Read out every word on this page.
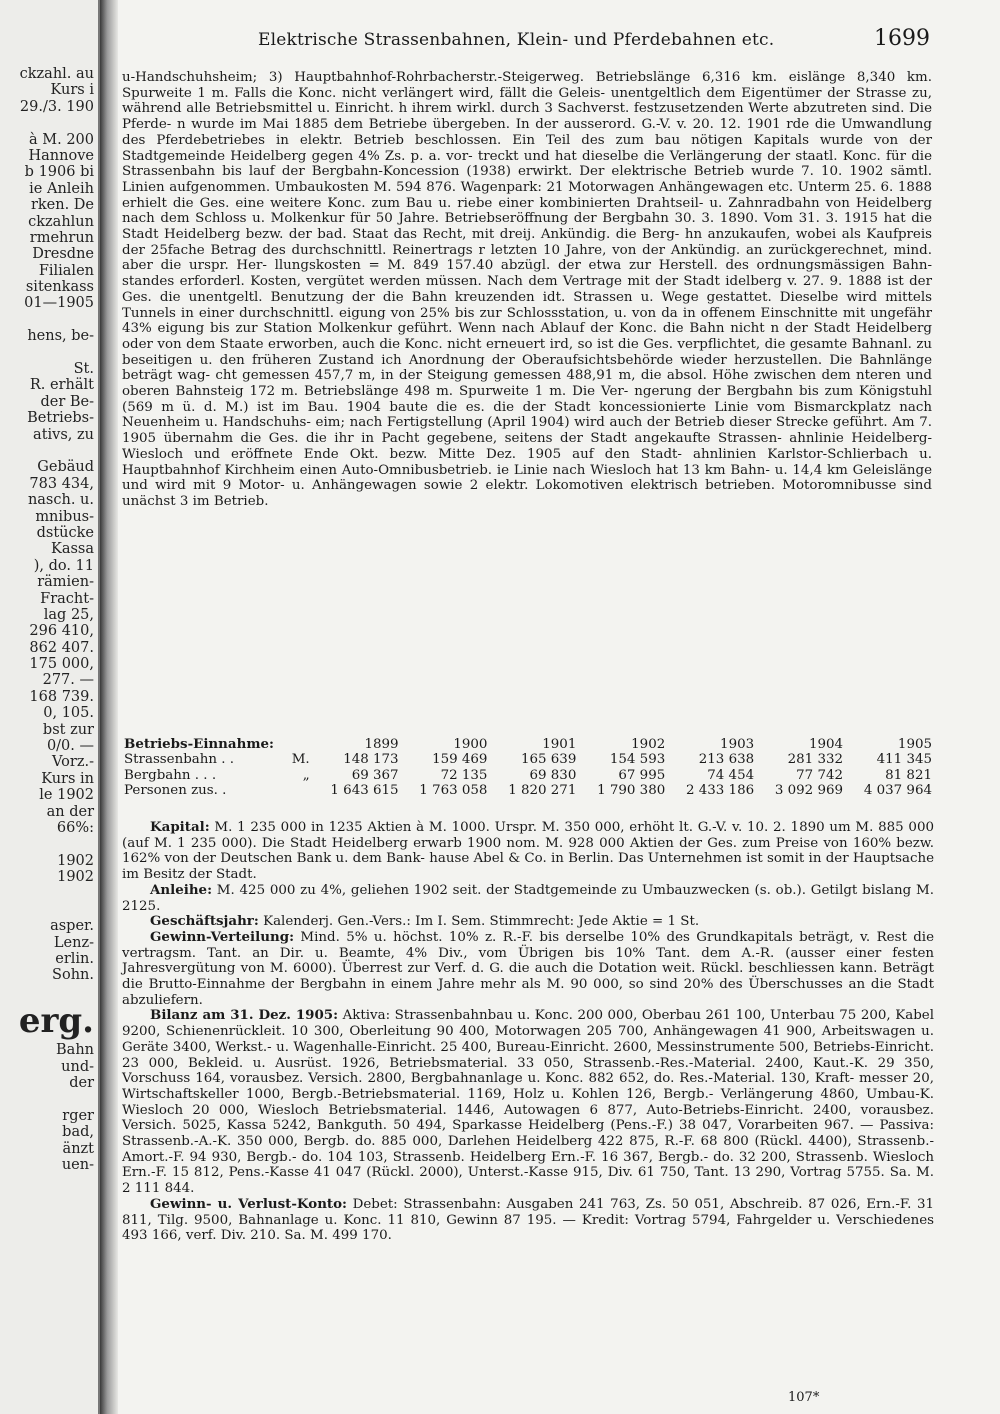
ckzahl. au
Kurs i
29./3. 190
à M. 200
Hannove
b 1906 bi
ie Anleih
rken. De
ckzahlun
rmehrun
Dresdne
Filialen
sitenkass
01—1905
hens, be-
St.
R. erhält
der Be-
Betriebs-
ativs, zu
Gebäud
783 434,
nasch. u.
mnibus-
dstücke
Kassa
), do. 11
rämien-
Fracht-
lag 25,
296 410,
862 407.
175 000,
277. —
168 739.
0, 105.
bst zur
0/0. —
Vorz.-
Kurs in
le 1902
an der
66%:
1902
1902
asper.
Lenz-
erlin.
Sohn.
erg.
Bahn
und-
der
rger
bad,
änzt
uen-
Elektrische Strassenbahnen, Klein- und Pferdebahnen etc.	1699

u-Handschuhsheim; 3) Hauptbahnhof-Rohrbacherstr.-Steigerweg. Betriebslänge 6,316 km. eislänge 8,340 km. Spurweite 1 m. Falls die Konc. nicht verlängert wird, fällt die Geleis- unentgeltlich dem Eigentümer der Strasse zu, während alle Betriebsmittel u. Einricht. h ihrem wirkl. durch 3 Sachverst. festzusetzenden Werte abzutreten sind. Die Pferde- n wurde im Mai 1885 dem Betriebe übergeben. In der ausserord. G.-V. v. 20. 12. 1901 rde die Umwandlung des Pferdebetriebes in elektr. Betrieb beschlossen. Ein Teil des zum bau nötigen Kapitals wurde von der Stadtgemeinde Heidelberg gegen 4% Zs. p. a. vor- treckt und hat dieselbe die Verlängerung der staatl. Konc. für die Strassenbahn bis lauf der Bergbahn-Koncession (1938) erwirkt. Der elektrische Betrieb wurde 7. 10. 1902 sämtl. Linien aufgenommen. Umbaukosten M. 594 876. Wagenpark: 21 Motorwagen Anhängewagen etc. Unterm 25. 6. 1888 erhielt die Ges. eine weitere Konc. zum Bau u. riebe einer kombinierten Drahtseil- u. Zahnradbahn von Heidelberg nach dem Schloss u. Molkenkur für 50 Jahre. Betriebseröffnung der Bergbahn 30. 3. 1890. Vom 31. 3. 1915 hat die Stadt Heidelberg bezw. der bad. Staat das Recht, mit dreij. Ankündig. die Berg- hn anzukaufen, wobei als Kaufpreis der 25fache Betrag des durchschnittl. Reinertrags r letzten 10 Jahre, von der Ankündig. an zurückgerechnet, mind. aber die urspr. Her- llungskosten = M. 849 157.40 abzügl. der etwa zur Herstell. des ordnungsmässigen Bahn- standes erforderl. Kosten, vergütet werden müssen. Nach dem Vertrage mit der Stadt idelberg v. 27. 9. 1888 ist der Ges. die unentgeltl. Benutzung der die Bahn kreuzenden idt. Strassen u. Wege gestattet. Dieselbe wird mittels Tunnels in einer durchschnittl. eigung von 25% bis zur Schlossstation, u. von da in offenem Einschnitte mit ungefähr 43% eigung bis zur Station Molkenkur geführt. Wenn nach Ablauf der Konc. die Bahn nicht n der Stadt Heidelberg oder von dem Staate erworben, auch die Konc. nicht erneuert ird, so ist die Ges. verpflichtet, die gesamte Bahnanl. zu beseitigen u. den früheren Zustand ich Anordnung der Oberaufsichtsbehörde wieder herzustellen. Die Bahnlänge beträgt wag- cht gemessen 457,7 m, in der Steigung gemessen 488,91 m, die absol. Höhe zwischen dem nteren und oberen Bahnsteig 172 m. Betriebslänge 498 m. Spurweite 1 m. Die Ver- ngerung der Bergbahn bis zum Königstuhl (569 m ü. d. M.) ist im Bau. 1904 baute die es. die der Stadt koncessionierte Linie vom Bismarckplatz nach Neuenheim u. Handschuhs- eim; nach Fertigstellung (April 1904) wird auch der Betrieb dieser Strecke geführt. Am 7. 1905 übernahm die Ges. die ihr in Pacht gegebene, seitens der Stadt angekaufte Strassen- ahnlinie Heidelberg-Wiesloch und eröffnete Ende Okt. bezw. Mitte Dez. 1905 auf den Stadt- ahnlinien Karlstor-Schlierbach u. Hauptbahnhof Kirchheim einen Auto-Omnibusbetrieb. ie Linie nach Wiesloch hat 13 km Bahn- u. 14,4 km Geleislänge und wird mit 9 Motor- u. Anhängewagen sowie 2 elektr. Lokomotiven elektrisch betrieben. Motoromnibusse sind unächst 3 im Betrieb.

Betriebs-Einnahme:		1899	1900	1901	1902	1903	1904	1905
Strassenbahn . .	M.	148 173	159 469	165 639	154 593	213 638	281 332	411 345
Bergbahn . . .	„	69 367	72 135	69 830	67 995	74 454	77 742	81 821
Personen zus. .		1 643 615	1 763 058	1 820 271	1 790 380	2 433 186	3 092 969	4 037 964

Kapital: M. 1 235 000 in 1235 Aktien à M. 1000. Urspr. M. 350 000, erhöht lt. G.-V. v. 10. 2. 1890 um M. 885 000 (auf M. 1 235 000). Die Stadt Heidelberg erwarb 1900 nom. M. 928 000 Aktien der Ges. zum Preise von 160% bezw. 162% von der Deutschen Bank u. dem Bank- hause Abel & Co. in Berlin. Das Unternehmen ist somit in der Hauptsache im Besitz der Stadt.

Anleihe: M. 425 000 zu 4%, geliehen 1902 seit. der Stadtgemeinde zu Umbauzwecken (s. ob.). Getilgt bislang M. 2125.

Geschäftsjahr: Kalenderj. Gen.-Vers.: Im I. Sem. Stimmrecht: Jede Aktie = 1 St.

Gewinn-Verteilung: Mind. 5% u. höchst. 10% z. R.-F. bis derselbe 10% des Grundkapitals beträgt, v. Rest die vertragsm. Tant. an Dir. u. Beamte, 4% Div., vom Übrigen bis 10% Tant. dem A.-R. (ausser einer festen Jahresvergütung von M. 6000). Überrest zur Verf. d. G. die auch die Dotation weit. Rückl. beschliessen kann. Beträgt die Brutto-Einnahme der Bergbahn in einem Jahre mehr als M. 90 000, so sind 20% des Überschusses an die Stadt abzuliefern.

Bilanz am 31. Dez. 1905: Aktiva: Strassenbahnbau u. Konc. 200 000, Oberbau 261 100, Unterbau 75 200, Kabel 9200, Schienenrückleit. 10 300, Oberleitung 90 400, Motorwagen 205 700, Anhängewagen 41 900, Arbeitswagen u. Geräte 3400, Werkst.- u. Wagenhalle-Einricht. 25 400, Bureau-Einricht. 2600, Messinstrumente 500, Betriebs-Einricht. 23 000, Bekleid. u. Ausrüst. 1926, Betriebsmaterial. 33 050, Strassenb.-Res.-Material. 2400, Kaut.-K. 29 350, Vorschuss 164, vorausbez. Versich. 2800, Bergbahnanlage u. Konc. 882 652, do. Res.-Material. 130, Kraft- messer 20, Wirtschaftskeller 1000, Bergb.-Betriebsmaterial. 1169, Holz u. Kohlen 126, Bergb.- Verlängerung 4860, Umbau-K. Wiesloch 20 000, Wiesloch Betriebsmaterial. 1446, Autowagen 6 877, Auto-Betriebs-Einricht. 2400, vorausbez. Versich. 5025, Kassa 5242, Bankguth. 50 494, Sparkasse Heidelberg (Pens.-F.) 38 047, Vorarbeiten 967. — Passiva: Strassenb.-A.-K. 350 000, Bergb. do. 885 000, Darlehen Heidelberg 422 875, R.-F. 68 800 (Rückl. 4400), Strassenb.-Amort.-F. 94 930, Bergb.- do. 104 103, Strassenb. Heidelberg Ern.-F. 16 367, Bergb.- do. 32 200, Strassenb. Wiesloch Ern.-F. 15 812, Pens.-Kasse 41 047 (Rückl. 2000), Unterst.-Kasse 915, Div. 61 750, Tant. 13 290, Vortrag 5755. Sa. M. 2 111 844.

Gewinn- u. Verlust-Konto: Debet: Strassenbahn: Ausgaben 241 763, Zs. 50 051, Abschreib. 87 026, Ern.-F. 31 811, Tilg. 9500, Bahnanlage u. Konc. 11 810, Gewinn 87 195. — Kredit: Vortrag 5794, Fahrgelder u. Verschiedenes 493 166, verf. Div. 210. Sa. M. 499 170.

107*
